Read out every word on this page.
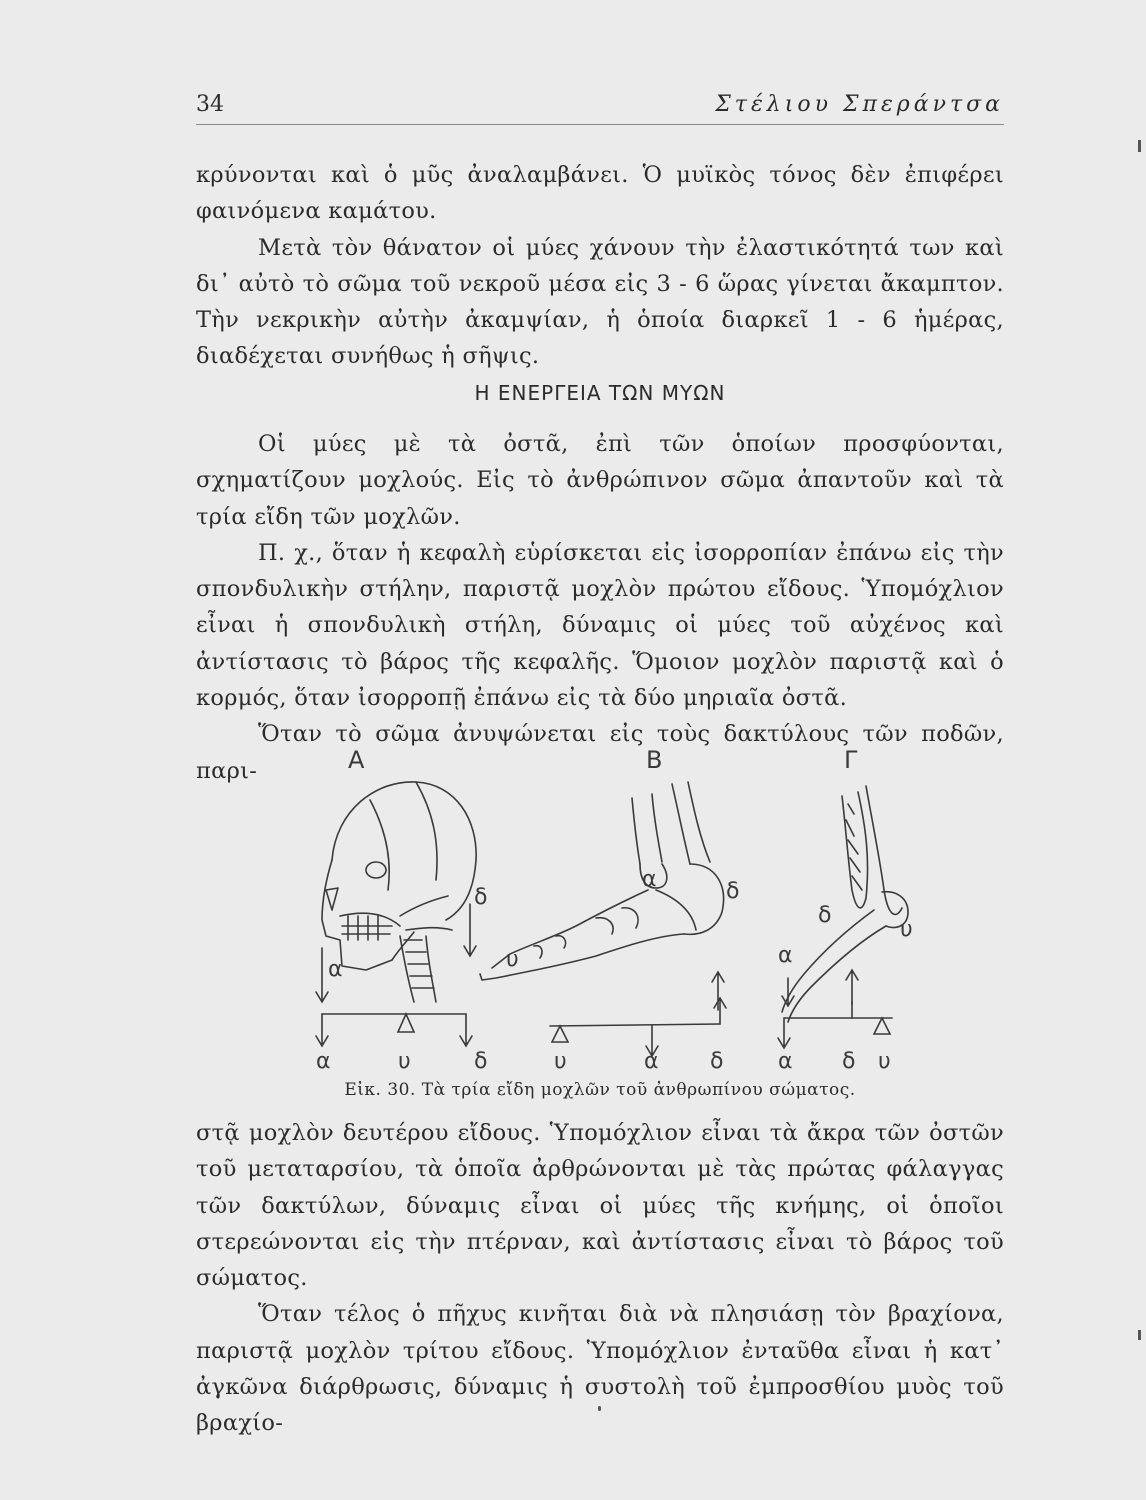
34	Στέλιου Σπεράντσα

κρύνονται καὶ ὁ μῦς ἀναλαμβάνει. Ὁ μυϊκὸς τόνος δὲν ἐπιφέρει φαινόμενα καμάτου.

Μετὰ τὸν θάνατον οἱ μύες χάνουν τὴν ἐλαστικότητά των καὶ δι᾽ αὐτὸ τὸ σῶμα τοῦ νεκροῦ μέσα εἰς 3 - 6 ὥρας γίνεται ἄκαμπτον. Τὴν νεκρικὴν αὐτὴν ἀκαμψίαν, ἡ ὁποία διαρκεῖ 1 - 6 ἡμέρας, διαδέχεται συνήθως ἡ σῆψις.

Η ΕΝΕΡΓΕΙΑ ΤΩΝ ΜΥΩΝ

Οἱ μύες μὲ τὰ ὀστᾶ, ἐπὶ τῶν ὁποίων προσφύονται, σχηματίζουν μοχλούς. Εἰς τὸ ἀνθρώπινον σῶμα ἀπαντοῦν καὶ τὰ τρία εἴδη τῶν μοχλῶν.

Π. χ., ὅταν ἡ κεφαλὴ εὑρίσκεται εἰς ἰσορροπίαν ἐπάνω εἰς τὴν σπονδυλικὴν στήλην, παριστᾷ μοχλὸν πρώτου εἴδους. Ὑπομόχλιον εἶναι ἡ σπονδυλικὴ στήλη, δύναμις οἱ μύες τοῦ αὐχένος καὶ ἀντίστασις τὸ βάρος τῆς κεφαλῆς. Ὅμοιον μοχλὸν παριστᾷ καὶ ὁ κορμός, ὅταν ἰσορροπῇ ἐπάνω εἰς τὰ δύο μηριαῖα ὀστᾶ.

Ὅταν τὸ σῶμα ἀνυψώνεται εἰς τοὺς δακτύλους τῶν ποδῶν, παρι-	A	B	Γ
α
δ
α	υ	δ
α	δ
υ
υ	α δ
α
δ
υ
α δ υ
Εἰκ. 30. Τὰ τρία εἴδη μοχλῶν τοῦ ἀνθρωπίνου σώματος.

στᾷ μοχλὸν δευτέρου εἴδους. Ὑπομόχλιον εἶναι τὰ ἄκρα τῶν ὀστῶν τοῦ μεταταρσίου, τὰ ὁποῖα ἀρθρώνονται μὲ τὰς πρώτας φάλαγγας τῶν δακτύλων, δύναμις εἶναι οἱ μύες τῆς κνήμης, οἱ ὁποῖοι στερεώνονται εἰς τὴν πτέρναν, καὶ ἀντίστασις εἶναι τὸ βάρος τοῦ σώματος.

Ὅταν τέλος ὁ πῆχυς κινῆται διὰ νὰ πλησιάσῃ τὸν βραχίονα, παριστᾷ μοχλὸν τρίτου εἴδους. Ὑπομόχλιον ἐνταῦθα εἶναι ἡ κατ᾽ ἀγκῶνα διάρθρωσις, δύναμις ἡ συστολὴ τοῦ ἐμπροσθίου μυὸς τοῦ βραχίο-
